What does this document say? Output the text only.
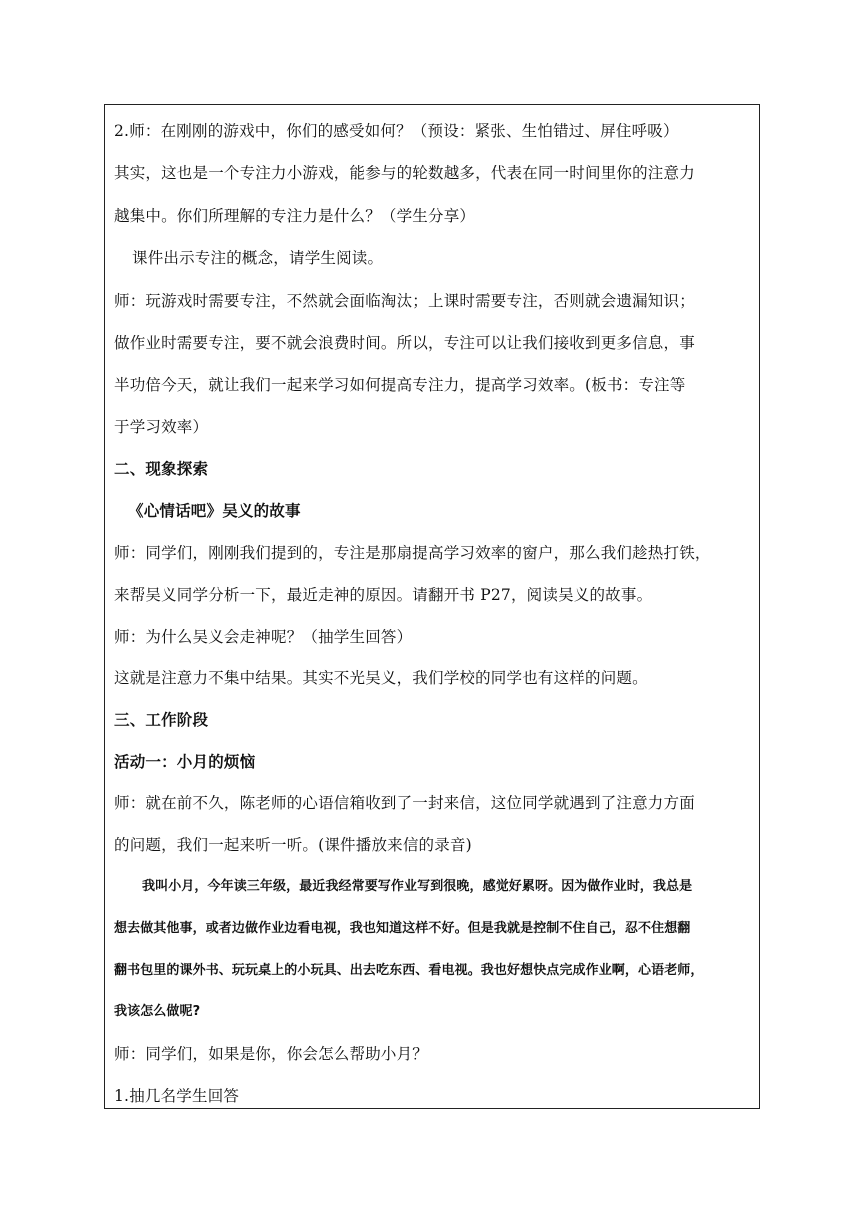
2.师：在刚刚的游戏中，你们的感受如何？（预设：紧张、生怕错过、屏住呼吸）
其实，这也是一个专注力小游戏，能参与的轮数越多，代表在同一时间里你的注意力
越集中。你们所理解的专注力是什么？（学生分享）
课件出示专注的概念，请学生阅读。
师：玩游戏时需要专注，不然就会面临淘汰；上课时需要专注，否则就会遗漏知识；
做作业时需要专注，要不就会浪费时间。所以，专注可以让我们接收到更多信息，事
半功倍今天，就让我们一起来学习如何提高专注力，提高学习效率。(板书：专注等
于学习效率）
二、现象探索
《心情话吧》吴义的故事
师：同学们，刚刚我们提到的，专注是那扇提高学习效率的窗户，那么我们趁热打铁，
来帮吴义同学分析一下，最近走神的原因。请翻开书 P27，阅读吴义的故事。
师：为什么吴义会走神呢？（抽学生回答）
这就是注意力不集中结果。其实不光吴义，我们学校的同学也有这样的问题。
三、工作阶段
活动一：小月的烦恼
师：就在前不久，陈老师的心语信箱收到了一封来信，这位同学就遇到了注意力方面
的问题，我们一起来听一听。(课件播放来信的录音)
我叫小月，今年读三年级，最近我经常要写作业写到很晚，感觉好累呀。因为做作业时，我总是
想去做其他事，或者边做作业边看电视，我也知道这样不好。但是我就是控制不住自己，忍不住想翻
翻书包里的课外书、玩玩桌上的小玩具、出去吃东西、看电视。我也好想快点完成作业啊，心语老师，
我该怎么做呢?
师：同学们，如果是你，你会怎么帮助小月？
1.抽几名学生回答
